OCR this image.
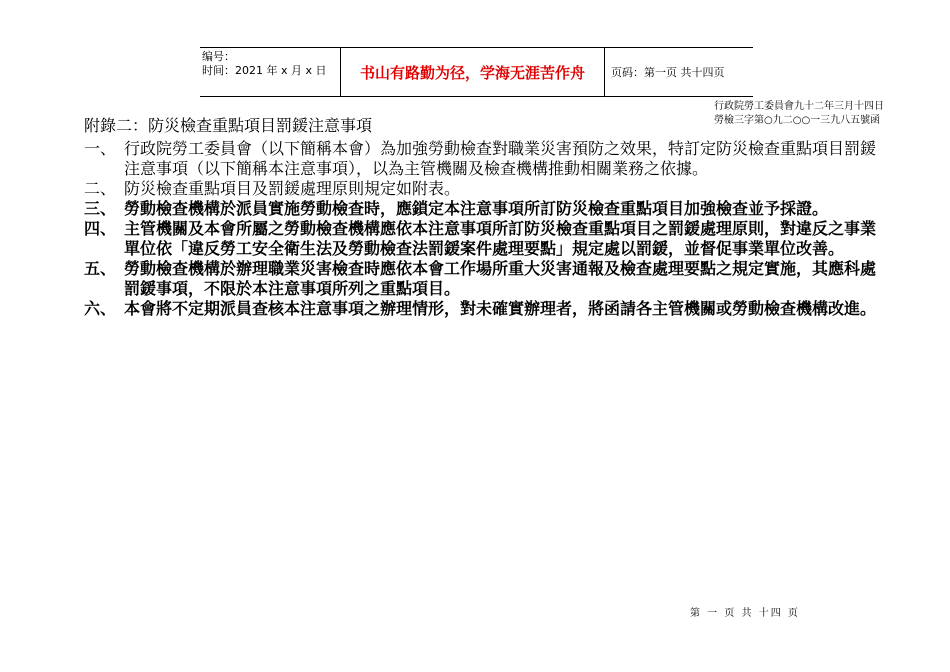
编号：
时间：2021 年 x 月 x 日	书山有路勤为径，学海无涯苦作舟	页码：第一页 共十四页
行政院勞工委員會九十二年三月十四日
勞檢三字第○九二○○一三九八五號函
附錄二：防災檢查重點項目罰鍰注意事項
一、 行政院勞工委員會（以下簡稱本會）為加強勞動檢查對職業災害預防之效果，特訂定防災檢查重點項目罰鍰注意事項（以下簡稱本注意事項），以為主管機關及檢查機構推動相關業務之依據。
二、 防災檢查重點項目及罰鍰處理原則規定如附表。
三、 勞動檢查機構於派員實施勞動檢查時，應鎖定本注意事項所訂防災檢查重點項目加強檢查並予採證。
四、 主管機關及本會所屬之勞動檢查機構應依本注意事項所訂防災檢查重點項目之罰鍰處理原則，對違反之事業單位依「違反勞工安全衛生法及勞動檢查法罰鍰案件處理要點」規定處以罰鍰，並督促事業單位改善。
五、 勞動檢查機構於辦理職業災害檢查時應依本會工作場所重大災害通報及檢查處理要點之規定實施，其應科處罰鍰事項，不限於本注意事項所列之重點項目。
六、 本會將不定期派員查核本注意事項之辦理情形，對未確實辦理者，將函請各主管機關或勞動檢查機構改進。
第 一 页 共 十四 页
